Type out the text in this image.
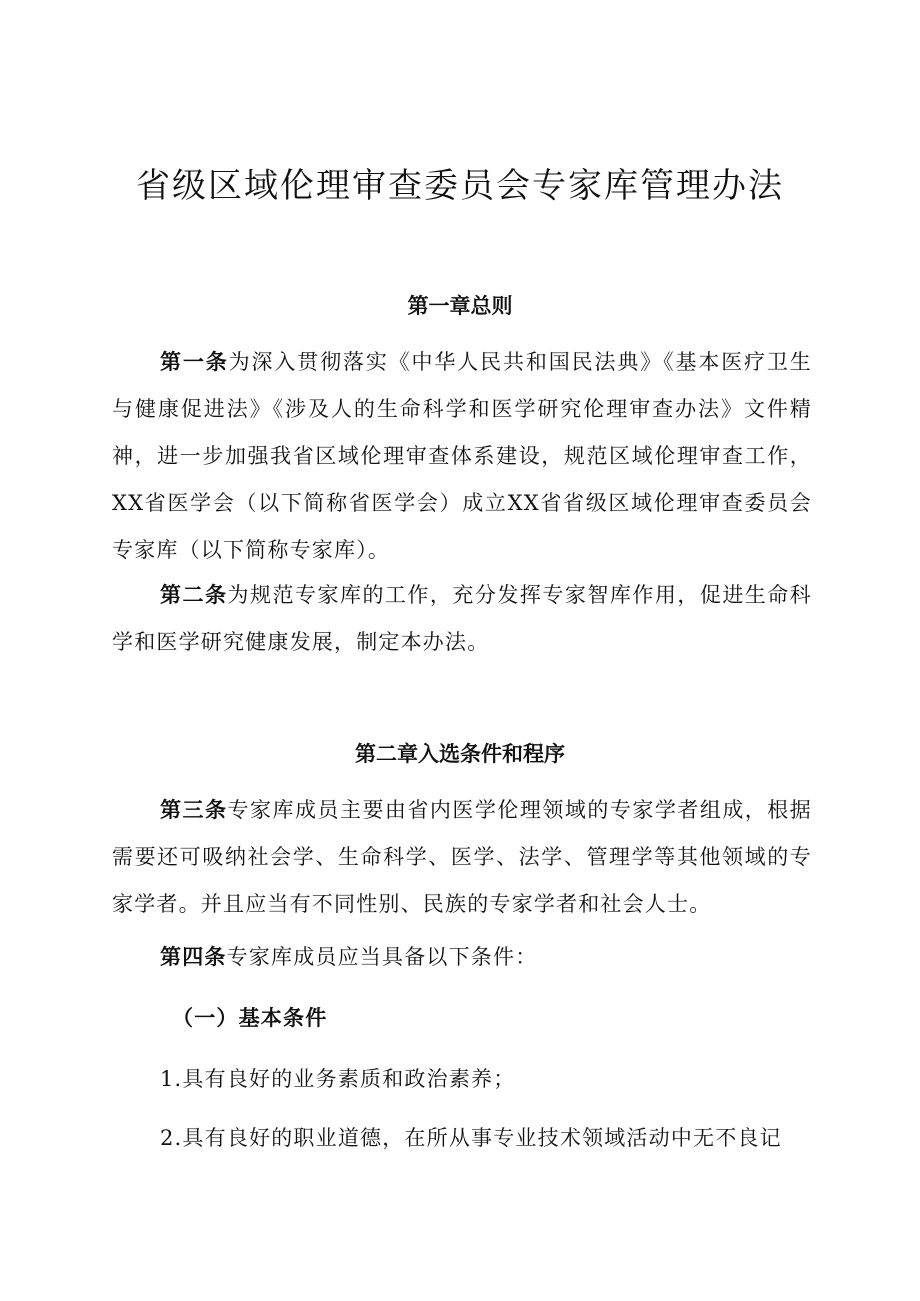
省级区域伦理审查委员会专家库管理办法
第一章总则

第一条为深入贯彻落实《中华人民共和国民法典》《基本医疗卫生与健康促进法》《涉及人的生命科学和医学研究伦理审查办法》文件精神，进一步加强我省区域伦理审查体系建设，规范区域伦理审查工作，XX省医学会（以下简称省医学会）成立XX省省级区域伦理审查委员会专家库（以下简称专家库）。

第二条为规范专家库的工作，充分发挥专家智库作用，促进生命科学和医学研究健康发展，制定本办法。

第二章入选条件和程序

第三条专家库成员主要由省内医学伦理领域的专家学者组成，根据需要还可吸纳社会学、生命科学、医学、法学、管理学等其他领域的专家学者。并且应当有不同性别、民族的专家学者和社会人士。

第四条专家库成员应当具备以下条件：

（一）基本条件

1.具有良好的业务素质和政治素养；

2.具有良好的职业道德，在所从事专业技术领域活动中无不良记
